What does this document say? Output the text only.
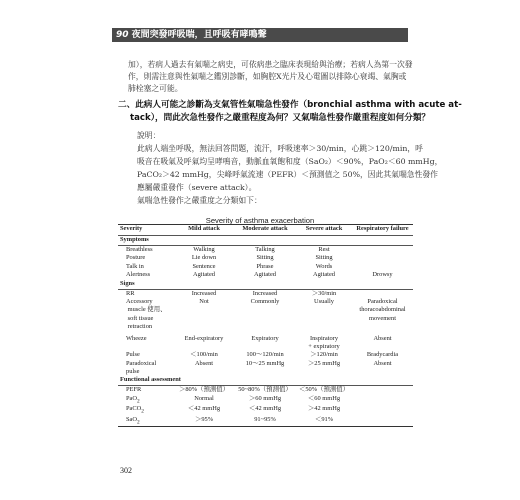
90 夜間突發呼吸喘，且呼吸有哮鳴聲
加），若病人過去有氣喘之病史，可依病患之臨床表現給與治療；若病人為第一次發
作，則需注意與性氣喘之鑑別診斷，如胸腔X光片及心電圖以排除心衰竭、氣胸或
肺栓塞之可能。
二、此病人可能之診斷為支氣管性氣喘急性發作（bronchial asthma with acute at-
tack），問此次急性發作之嚴重程度為何？又氣喘急性發作嚴重程度如何分類？
說明：
此病人端坐呼吸，無法回答問題，流汗，呼吸速率＞30/min，心跳＞120/min，呼
吸音在吸氣及呼氣均呈哮鳴音，動脈血氧飽和度（SaO₂）＜90%，PaO₂＜60 mmHg，
PaCO₂＞42 mmHg，尖峰呼氣流速（PEFR）＜預測值之 50%，因此其氣喘急性發作
應屬嚴重發作（severe attack）。
氣喘急性發作之嚴重度之分類如下：
Severity of asthma exacerbation
Severity	Mild attack	Moderate attack	Severe attack	Respiratory failure
Symptoms				
Breathless	Walking	Talking	Rest	
Posture	Lie down	Sitting	Sitting	
Talk in	Sentence	Phrase	Words	
Alertness	Agitated	Agitated	Agitated	Drowsy
Signs				
RR	Increased	Increased	＞30/min	
Accessory
muscle 使用、
soft tissue
retraction	Not	Commonly	Usually	Paradoxical
thoracoabdominal
movement
Wheeze	End-expiratory	Expiratory	Inspiratory
+ expiratory	Absent
Pulse	＜100/min	100～120/min	＞120/min	Bradycardia
Paradoxical
pulse	Absent	10～25 mmHg	＞25 mmHg	Absent
Functional assessment				
PEFR	＞80%（預測值）	50~80%（預測值）	＜50%（預測值）	
PaO$_2$	Normal	＞60 mmHg	＜60 mmHg	
PaCO$_2$	＜42 mmHg	＜42 mmHg	＞42 mmHg	
SaO$_2$	＞95%	91~95%	＜91%	
302
